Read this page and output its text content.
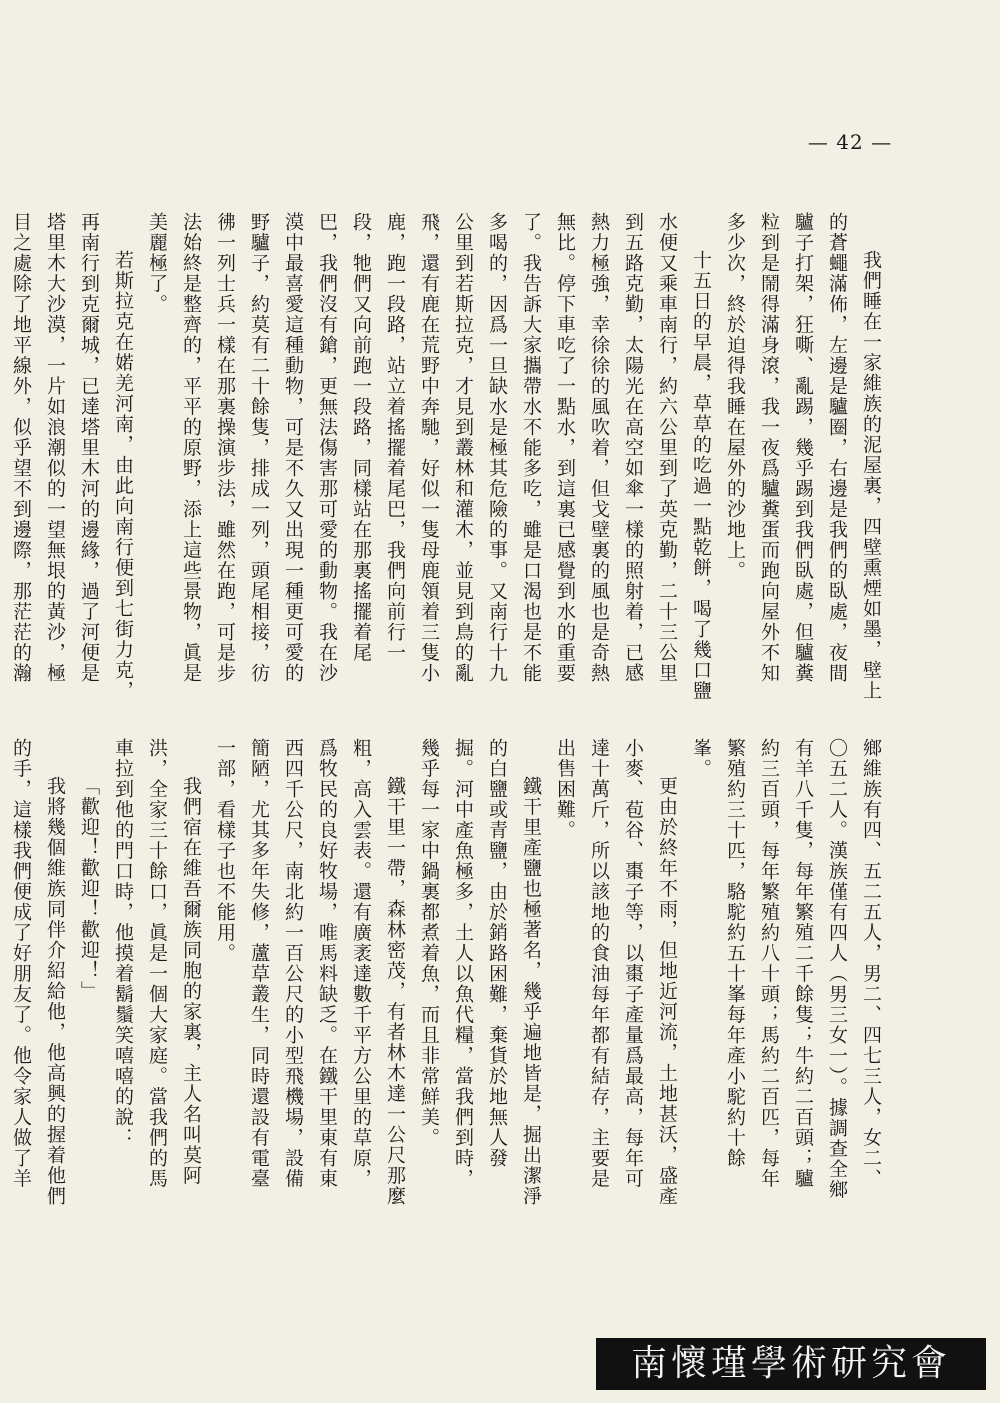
— 42 —

我們睡在一家維族的泥屋裏，四壁熏煙如墨，壁上的蒼蠅滿佈，左邊是驢圈，右邊是我們的臥處，夜間驢子打架，狂嘶、亂踢，幾乎踢到我們臥處，但驢糞粒到是鬧得滿身滾，我一夜爲驢糞蛋而跑向屋外不知多少次，終於迫得我睡在屋外的沙地上。

十五日的早晨，草草的吃過一點乾餅，喝了幾口鹽水便又乘車南行，約六公里到了英克勤，二十三公里到五路克勤，太陽光在高空如傘一樣的照射着，已感熱力極強，幸徐徐的風吹着，但戈壁裏的風也是奇熱無比。停下車吃了一點水，到這裏已感覺到水的重要了。我告訴大家攜帶水不能多吃，雖是口渴也是不能多喝的，因爲一旦缺水是極其危險的事。又南行十九公里到若斯拉克，才見到叢林和灌木，並見到鳥的亂飛，還有鹿在荒野中奔馳，好似一隻母鹿領着三隻小鹿，跑一段路，站立着搖擺着尾巴，我們向前行一段，牠們又向前跑一段路，同樣站在那裏搖擺着尾巴，我們沒有鎗，更無法傷害那可愛的動物。我在沙漠中最喜愛這種動物，可是不久又出現一種更可愛的野驢子，約莫有二十餘隻，排成一列，頭尾相接，彷彿一列士兵一樣在那裏操演步法，雖然在跑，可是步法始終是整齊的，平平的原野，添上這些景物，眞是美麗極了。

若斯拉克在婼羌河南，由此向南行便到七街力克，再南行到克爾城，已達塔里木河的邊緣，過了河便是塔里木大沙漠，一片如浪潮似的一望無垠的黃沙，極目之處除了地平線外，似乎望不到邊際，那茫茫的瀚

鄉維族有四、五二五人，男二、四七三人，女二、〇五二人。漢族僅有四人（男三女一）。據調查全鄉有羊八千隻，每年繁殖二千餘隻；牛約二百頭；驢約三百頭，每年繁殖約八十頭；馬約二百匹，每年繁殖約三十匹，駱駝約五十峯每年產小駝約十餘峯。

更由於終年不雨，但地近河流，土地甚沃，盛產小麥、苞谷、棗子等，以棗子產量爲最高，每年可達十萬斤，所以該地的食油每年都有結存，主要是出售困難。

鐵干里產鹽也極著名，幾乎遍地皆是，掘出潔淨的白鹽或青鹽，由於銷路困難，棄貨於地無人發掘。河中產魚極多，土人以魚代糧，當我們到時，幾乎每一家中鍋裏都煮着魚，而且非常鮮美。

鐵干里一帶，森林密茂，有者林木達一公尺那麼粗，高入雲表。還有廣袤達數千平方公里的草原，爲牧民的良好牧場，唯馬料缺乏。在鐵干里東有東西四千公尺，南北約一百公尺的小型飛機場，設備簡陋，尤其多年失修，蘆草叢生，同時還設有電臺一部，看樣子也不能用。

我們宿在維吾爾族同胞的家裏，主人名叫莫阿洪，全家三十餘口，眞是一個大家庭。當我們的馬車拉到他的門口時，他摸着鬍鬚笑嘻嘻的說：

「歡迎！歡迎！歡迎！」

我將幾個維族同伴介紹給他，他高興的握着他們的手，這樣我們便成了好朋友了。他令家人做了羊

南懷瑾學術研究會
